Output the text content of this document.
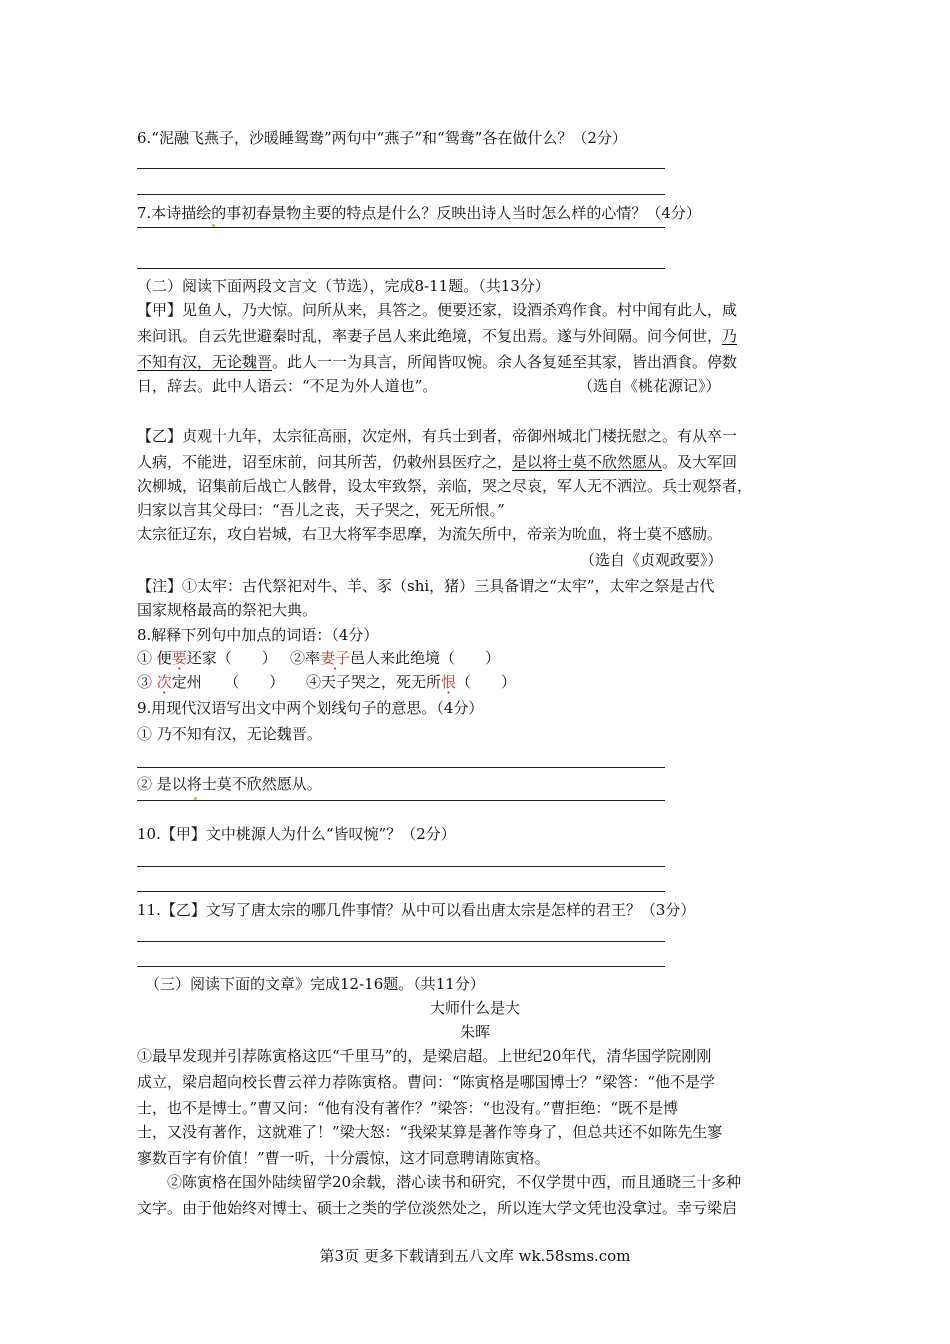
6.“泥融飞燕子，沙暖睡鸳鸯”两句中“燕子”和“鸳鸯”各在做什么？（2分）
7.本诗描绘的事初春景物主要的特点是什么？反映出诗人当时怎么样的心情？（4分）
（二）阅读下面两段文言文（节选），完成8-11题。（共13分）
【甲】见鱼人，乃大惊。问所从来，具答之。便要还家，设酒杀鸡作食。村中闻有此人，咸
来问讯。自云先世避秦时乱，率妻子邑人来此绝境，不复出焉。遂与外间隔。问今何世，乃
不知有汉，无论魏晋。此人一一为具言，所闻皆叹惋。余人各复延至其家，皆出酒食。停数
日，辞去。此中人语云：“不足为外人道也”。	（选自《桃花源记》）
【乙】贞观十九年，太宗征高丽，次定州，有兵士到者，帝御州城北门楼抚慰之。有从卒一
人病，不能进，诏至床前，问其所苦，仍敕州县医疗之，是以将士莫不欣然愿从。及大军回
次柳城，诏集前后战亡人骸骨，设太牢致祭，亲临，哭之尽哀，军人无不洒泣。兵士观祭者，
归家以言其父母曰：“吾儿之丧，天子哭之，死无所恨。”
太宗征辽东，攻白岩城，右卫大将军李思摩，为流矢所中，帝亲为吮血，将士莫不感励。
（选自《贞观政要》）
【注】①太牢：古代祭祀对牛、羊、豕（shi，猪）三具备谓之“太牢”，太牢之祭是古代
国家规格最高的祭祀大典。
8.解释下列句中加点的词语：（4分）
① 便要还家（　　） ②率妻子邑人来此绝境（　　）
③ 次定州　　（　　） ④天子哭之，死无所恨（　　）
9.用现代汉语写出文中两个划线句子的意思。（4分）
① 乃不知有汉，无论魏晋。
② 是以将士莫不欣然愿从。
10.【甲】文中桃源人为什么“皆叹惋”？（2分）
11.【乙】文写了唐太宗的哪几件事情？从中可以看出唐太宗是怎样的君王？（3分）
（三）阅读下面的文章》完成12-16题。（共11分）
大师什么是大
朱晖
①最早发现并引荐陈寅格这匹“千里马”的，是梁启超。上世纪20年代，清华国学院刚刚
成立，梁启超向校长曹云祥力荐陈寅格。曹问：“陈寅格是哪国博士？”梁答：“他不是学
士，也不是博士。”曹又问：“他有没有著作？”梁答：“也没有。”曹拒绝：“既不是博
士，又没有著作，这就难了！”梁大怒：“我梁某算是著作等身了，但总共还不如陈先生寥
寥数百字有价值！”曹一听，十分震惊，这才同意聘请陈寅格。
②陈寅格在国外陆续留学20余载，潜心读书和研究，不仅学贯中西，而且通晓三十多种
文字。由于他始终对博士、硕士之类的学位淡然处之，所以连大学文凭也没拿过。幸亏梁启
第3页 更多下载请到五八文库 wk.58sms.com
